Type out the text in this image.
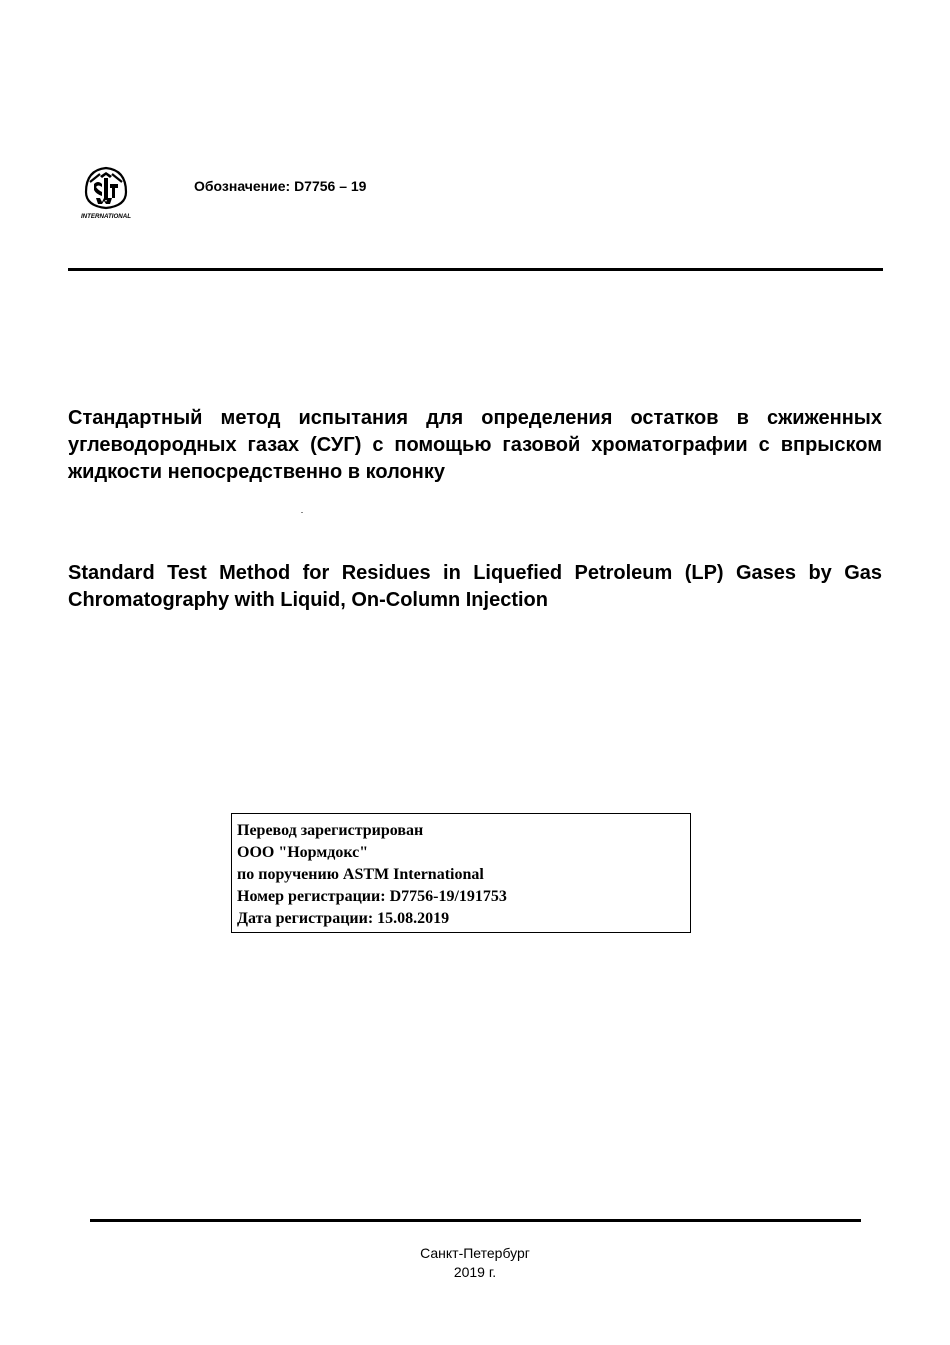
INTERNATIONAL
Обозначение: D7756 – 19
Стандартный метод испытания для определения остатков в сжиженных углеводородных газах (СУГ) с помощью газовой хроматографии с впрыском жидкости непосредственно в колонку
Standard Test Method for Residues in Liquefied Petroleum (LP) Gases by Gas Chromatography with Liquid, On-Column Injection
Перевод зарегистрирован
ООО "Нормдокс"
по поручению ASTM International
Номер регистрации: D7756-19/191753
Дата регистрации: 15.08.2019
Санкт-Петербург
2019 г.
